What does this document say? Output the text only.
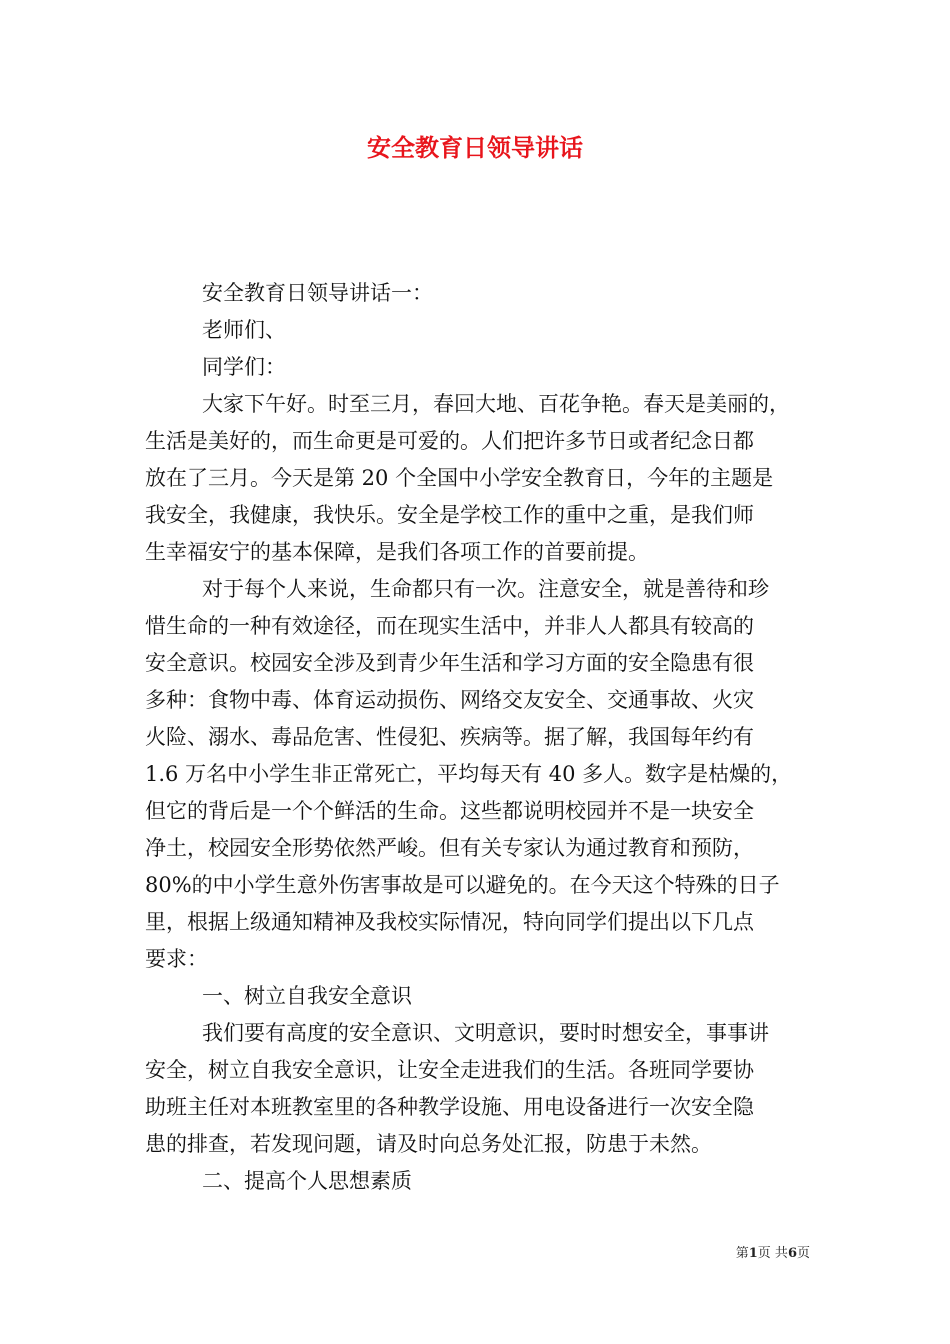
安全教育日领导讲话
安全教育日领导讲话一：
老师们、
同学们：
大家下午好。时至三月，春回大地、百花争艳。春天是美丽的，
生活是美好的，而生命更是可爱的。人们把许多节日或者纪念日都
放在了三月。今天是第 20 个全国中小学安全教育日，今年的主题是
我安全，我健康，我快乐。安全是学校工作的重中之重，是我们师
生幸福安宁的基本保障，是我们各项工作的首要前提。
对于每个人来说，生命都只有一次。注意安全，就是善待和珍
惜生命的一种有效途径，而在现实生活中，并非人人都具有较高的
安全意识。校园安全涉及到青少年生活和学习方面的安全隐患有很
多种：食物中毒、体育运动损伤、网络交友安全、交通事故、火灾
火险、溺水、毒品危害、性侵犯、疾病等。据了解，我国每年约有
1.6 万名中小学生非正常死亡，平均每天有 40 多人。数字是枯燥的，
但它的背后是一个个鲜活的生命。这些都说明校园并不是一块安全
净土，校园安全形势依然严峻。但有关专家认为通过教育和预防，
80%的中小学生意外伤害事故是可以避免的。在今天这个特殊的日子
里，根据上级通知精神及我校实际情况，特向同学们提出以下几点
要求：
一、树立自我安全意识
我们要有高度的安全意识、文明意识，要时时想安全，事事讲
安全，树立自我安全意识，让安全走进我们的生活。各班同学要协
助班主任对本班教室里的各种教学设施、用电设备进行一次安全隐
患的排查，若发现问题，请及时向总务处汇报，防患于未然。
二、提高个人思想素质
第1页 共6页
